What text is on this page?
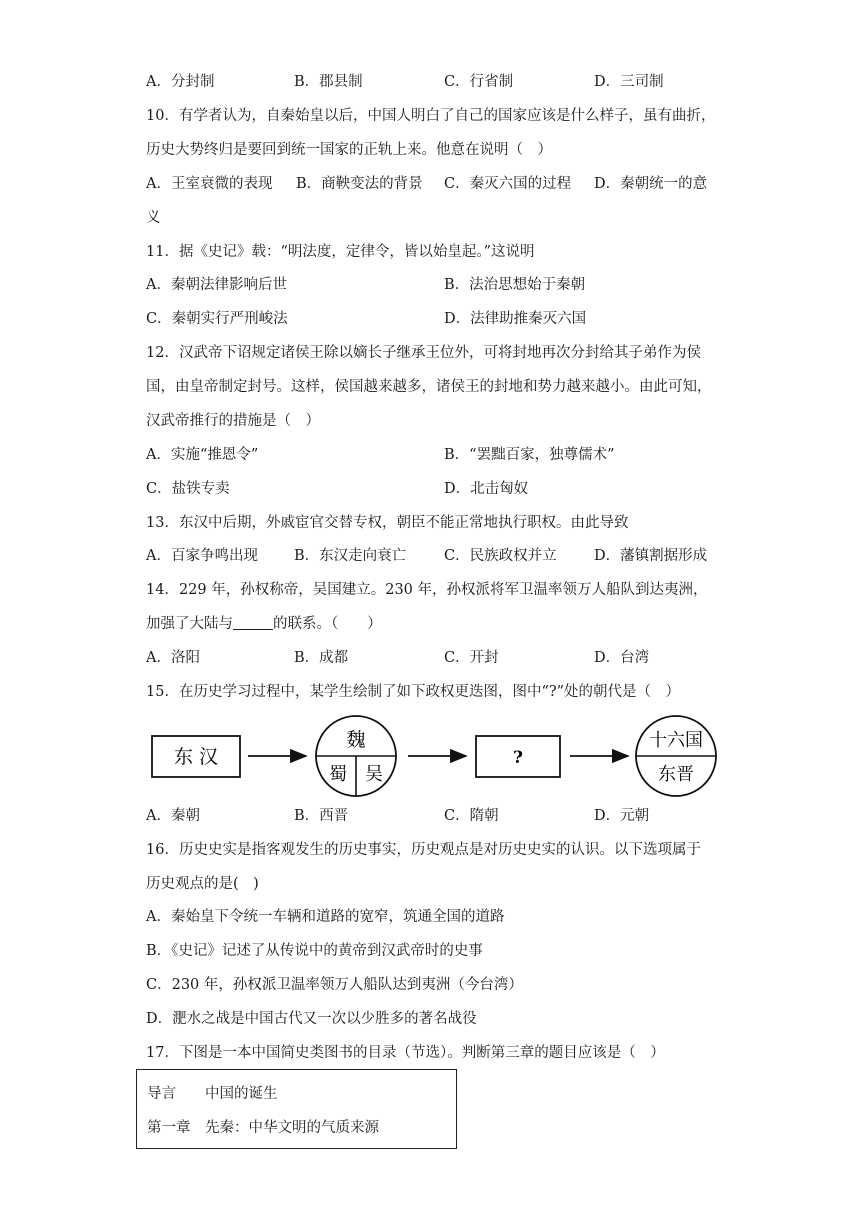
A．分封制	B．郡县制	C．行省制	D．三司制
10．有学者认为，自秦始皇以后，中国人明白了自己的国家应该是什么样子，虽有曲折，
历史大势终归是要回到统一国家的正轨上来。他意在说明（　）
A．王室衰微的表现 B．商鞅变法的背景 C．秦灭六国的过程 D．秦朝统一的意
义
11．据《史记》载：“明法度，定律令，皆以始皇起。”这说明
A．秦朝法律影响后世	B．法治思想始于秦朝
C．秦朝实行严刑峻法	D．法律助推秦灭六国
12．汉武帝下诏规定诸侯王除以嫡长子继承王位外，可将封地再次分封给其子弟作为侯
国，由皇帝制定封号。这样，侯国越来越多，诸侯王的封地和势力越来越小。由此可知，
汉武帝推行的措施是（　）
A．实施“推恩令”	B．“罢黜百家，独尊儒术”
C．盐铁专卖	D．北击匈奴
13．东汉中后期，外戚宦官交替专权，朝臣不能正常地执行职权。由此导致
A．百家争鸣出现 B．东汉走向衰亡	C．民族政权并立	D．藩镇割据形成
14．229 年，孙权称帝，吴国建立。230 年，孙权派将军卫温率领万人船队到达夷洲，
加强了大陆与	的联系。（　　）
A．洛阳	B．成都	C．开封	D．台湾
15．在历史学习过程中，某学生绘制了如下政权更迭图，图中“?”处的朝代是（　）
东 汉
魏
蜀 吴
?
十六国
东晋
A．秦朝	B．西晋	C．隋朝	D．元朝
16．历史史实是指客观发生的历史事实，历史观点是对历史史实的认识。以下选项属于
历史观点的是(　)
A．秦始皇下令统一车辆和道路的宽窄，筑通全国的道路
B．《史记》记述了从传说中的黄帝到汉武帝时的史事
C．230 年，孙权派卫温率领万人船队达到夷洲（今台湾）
D．淝水之战是中国古代又一次以少胜多的著名战役
17．下图是一本中国简史类图书的目录（节选）。判断第三章的题目应该是（　）
导言　　中国的诞生
第一章　先秦：中华文明的气质来源
